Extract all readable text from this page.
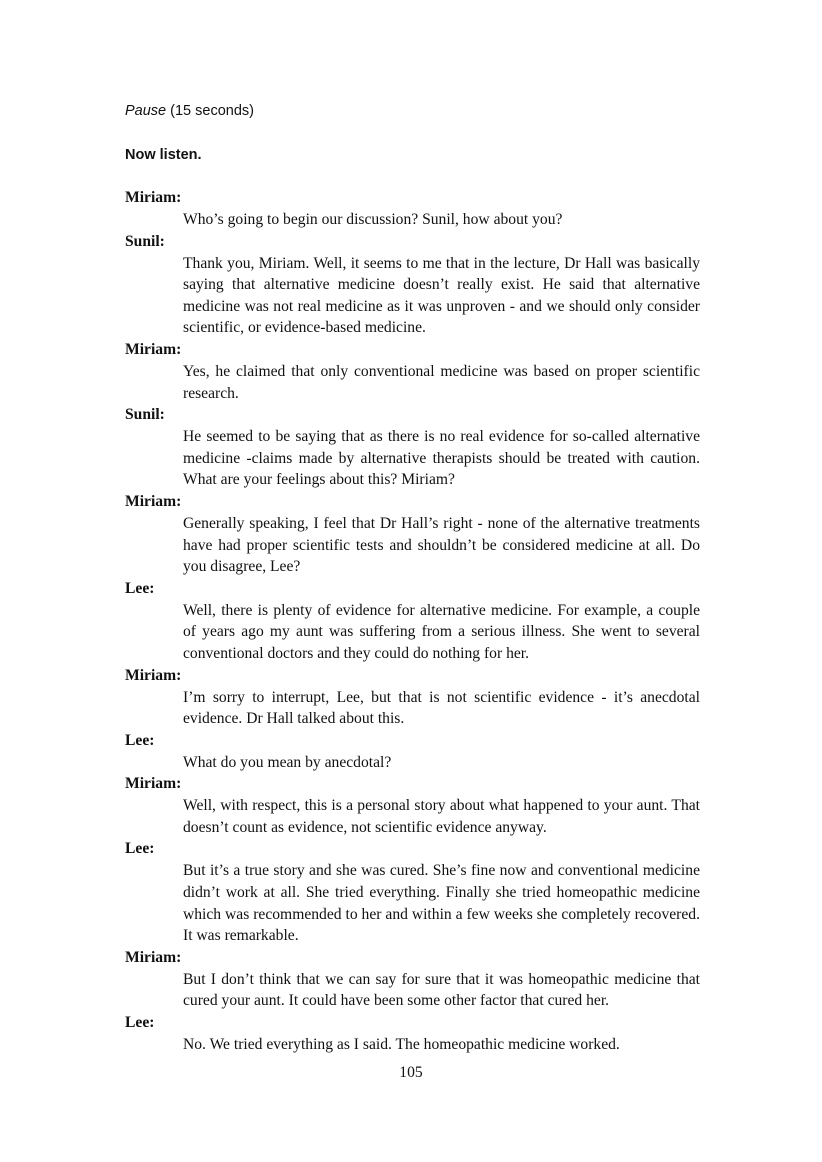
Pause (15 seconds)
Now listen.
Miriam:
Who’s going to begin our discussion? Sunil, how about you?
Sunil:
Thank you, Miriam. Well, it seems to me that in the lecture, Dr Hall was basically saying that alternative medicine doesn’t really exist. He said that alternative medicine was not real medicine as it was unproven - and we should only consider scientific, or evidence-based medicine.
Miriam:
Yes, he claimed that only conventional medicine was based on proper scientific research.
Sunil:
He seemed to be saying that as there is no real evidence for so-called alternative medicine -claims made by alternative therapists should be treated with caution. What are your feelings about this? Miriam?
Miriam:
Generally speaking, I feel that Dr Hall’s right - none of the alternative treatments have had proper scientific tests and shouldn’t be considered medicine at all. Do you disagree, Lee?
Lee:
Well, there is plenty of evidence for alternative medicine. For example, a couple of years ago my aunt was suffering from a serious illness. She went to several conventional doctors and they could do nothing for her.
Miriam:
I’m sorry to interrupt, Lee, but that is not scientific evidence - it’s anecdotal evidence. Dr Hall talked about this.
Lee:
What do you mean by anecdotal?
Miriam:
Well, with respect, this is a personal story about what happened to your aunt. That doesn’t count as evidence, not scientific evidence anyway.
Lee:
But it’s a true story and she was cured. She’s fine now and conventional medicine didn’t work at all. She tried everything. Finally she tried homeopathic medicine which was recommended to her and within a few weeks she completely recovered. It was remarkable.
Miriam:
But I don’t think that we can say for sure that it was homeopathic medicine that cured your aunt. It could have been some other factor that cured her.
Lee:
No. We tried everything as I said. The homeopathic medicine worked.
105
